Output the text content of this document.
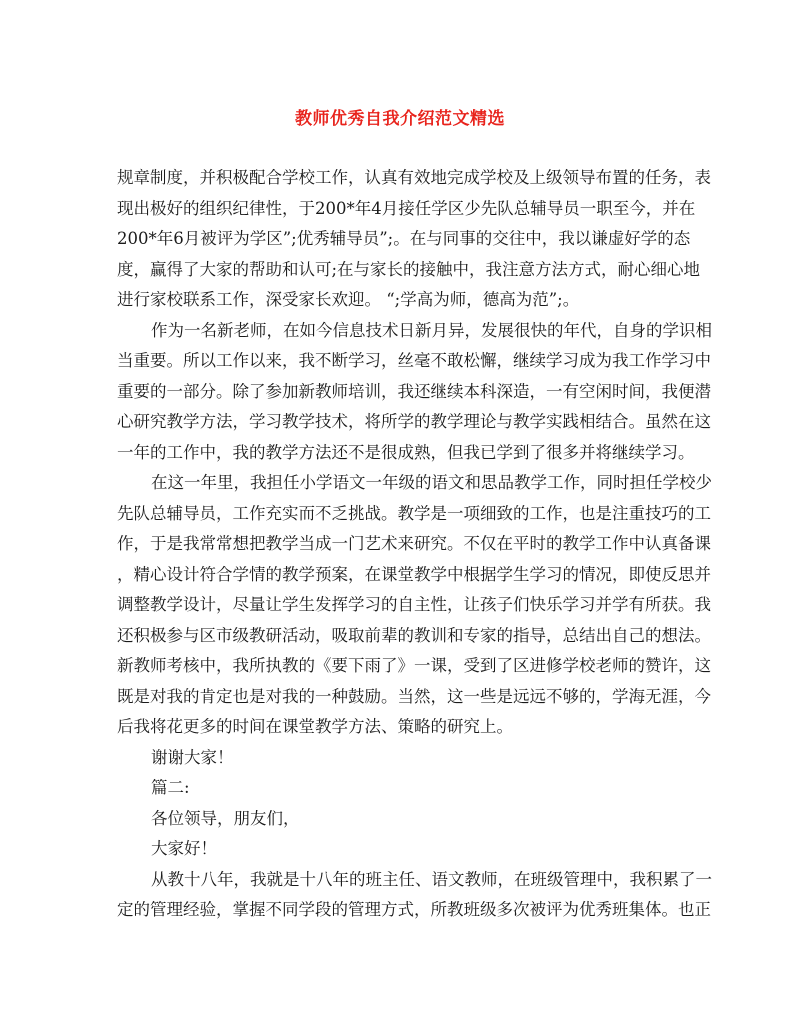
教师优秀自我介绍范文精选
规章制度，并积极配合学校工作，认真有效地完成学校及上级领导布置的任务，表
现出极好的组织纪律性，于200*年4月接任学区少先队总辅导员一职至今，并在
200*年6月被评为学区”;优秀辅导员”;。在与同事的交往中，我以谦虚好学的态
度，赢得了大家的帮助和认可;在与家长的接触中，我注意方法方式，耐心细心地
进行家校联系工作，深受家长欢迎。 “;学高为师，德高为范”;。
作为一名新老师，在如今信息技术日新月异，发展很快的年代，自身的学识相
当重要。所以工作以来，我不断学习，丝毫不敢松懈，继续学习成为我工作学习中
重要的一部分。除了参加新教师培训，我还继续本科深造，一有空闲时间，我便潜
心研究教学方法，学习教学技术，将所学的教学理论与教学实践相结合。虽然在这
一年的工作中，我的教学方法还不是很成熟，但我已学到了很多并将继续学习。
在这一年里，我担任小学语文一年级的语文和思品教学工作，同时担任学校少
先队总辅导员，工作充实而不乏挑战。教学是一项细致的工作，也是注重技巧的工
作，于是我常常想把教学当成一门艺术来研究。不仅在平时的教学工作中认真备课
，精心设计符合学情的教学预案，在课堂教学中根据学生学习的情况，即使反思并
调整教学设计，尽量让学生发挥学习的自主性，让孩子们快乐学习并学有所获。我
还积极参与区市级教研活动，吸取前辈的教训和专家的指导，总结出自己的想法。
新教师考核中，我所执教的《要下雨了》一课，受到了区进修学校老师的赞许，这
既是对我的肯定也是对我的一种鼓励。当然，这一些是远远不够的，学海无涯，今
后我将花更多的时间在课堂教学方法、策略的研究上。
谢谢大家！
篇二:
各位领导，朋友们，
大家好！
从教十八年，我就是十八年的班主任、语文教师，在班级管理中，我积累了一
定的管理经验，掌握不同学段的管理方式，所教班级多次被评为优秀班集体。也正
